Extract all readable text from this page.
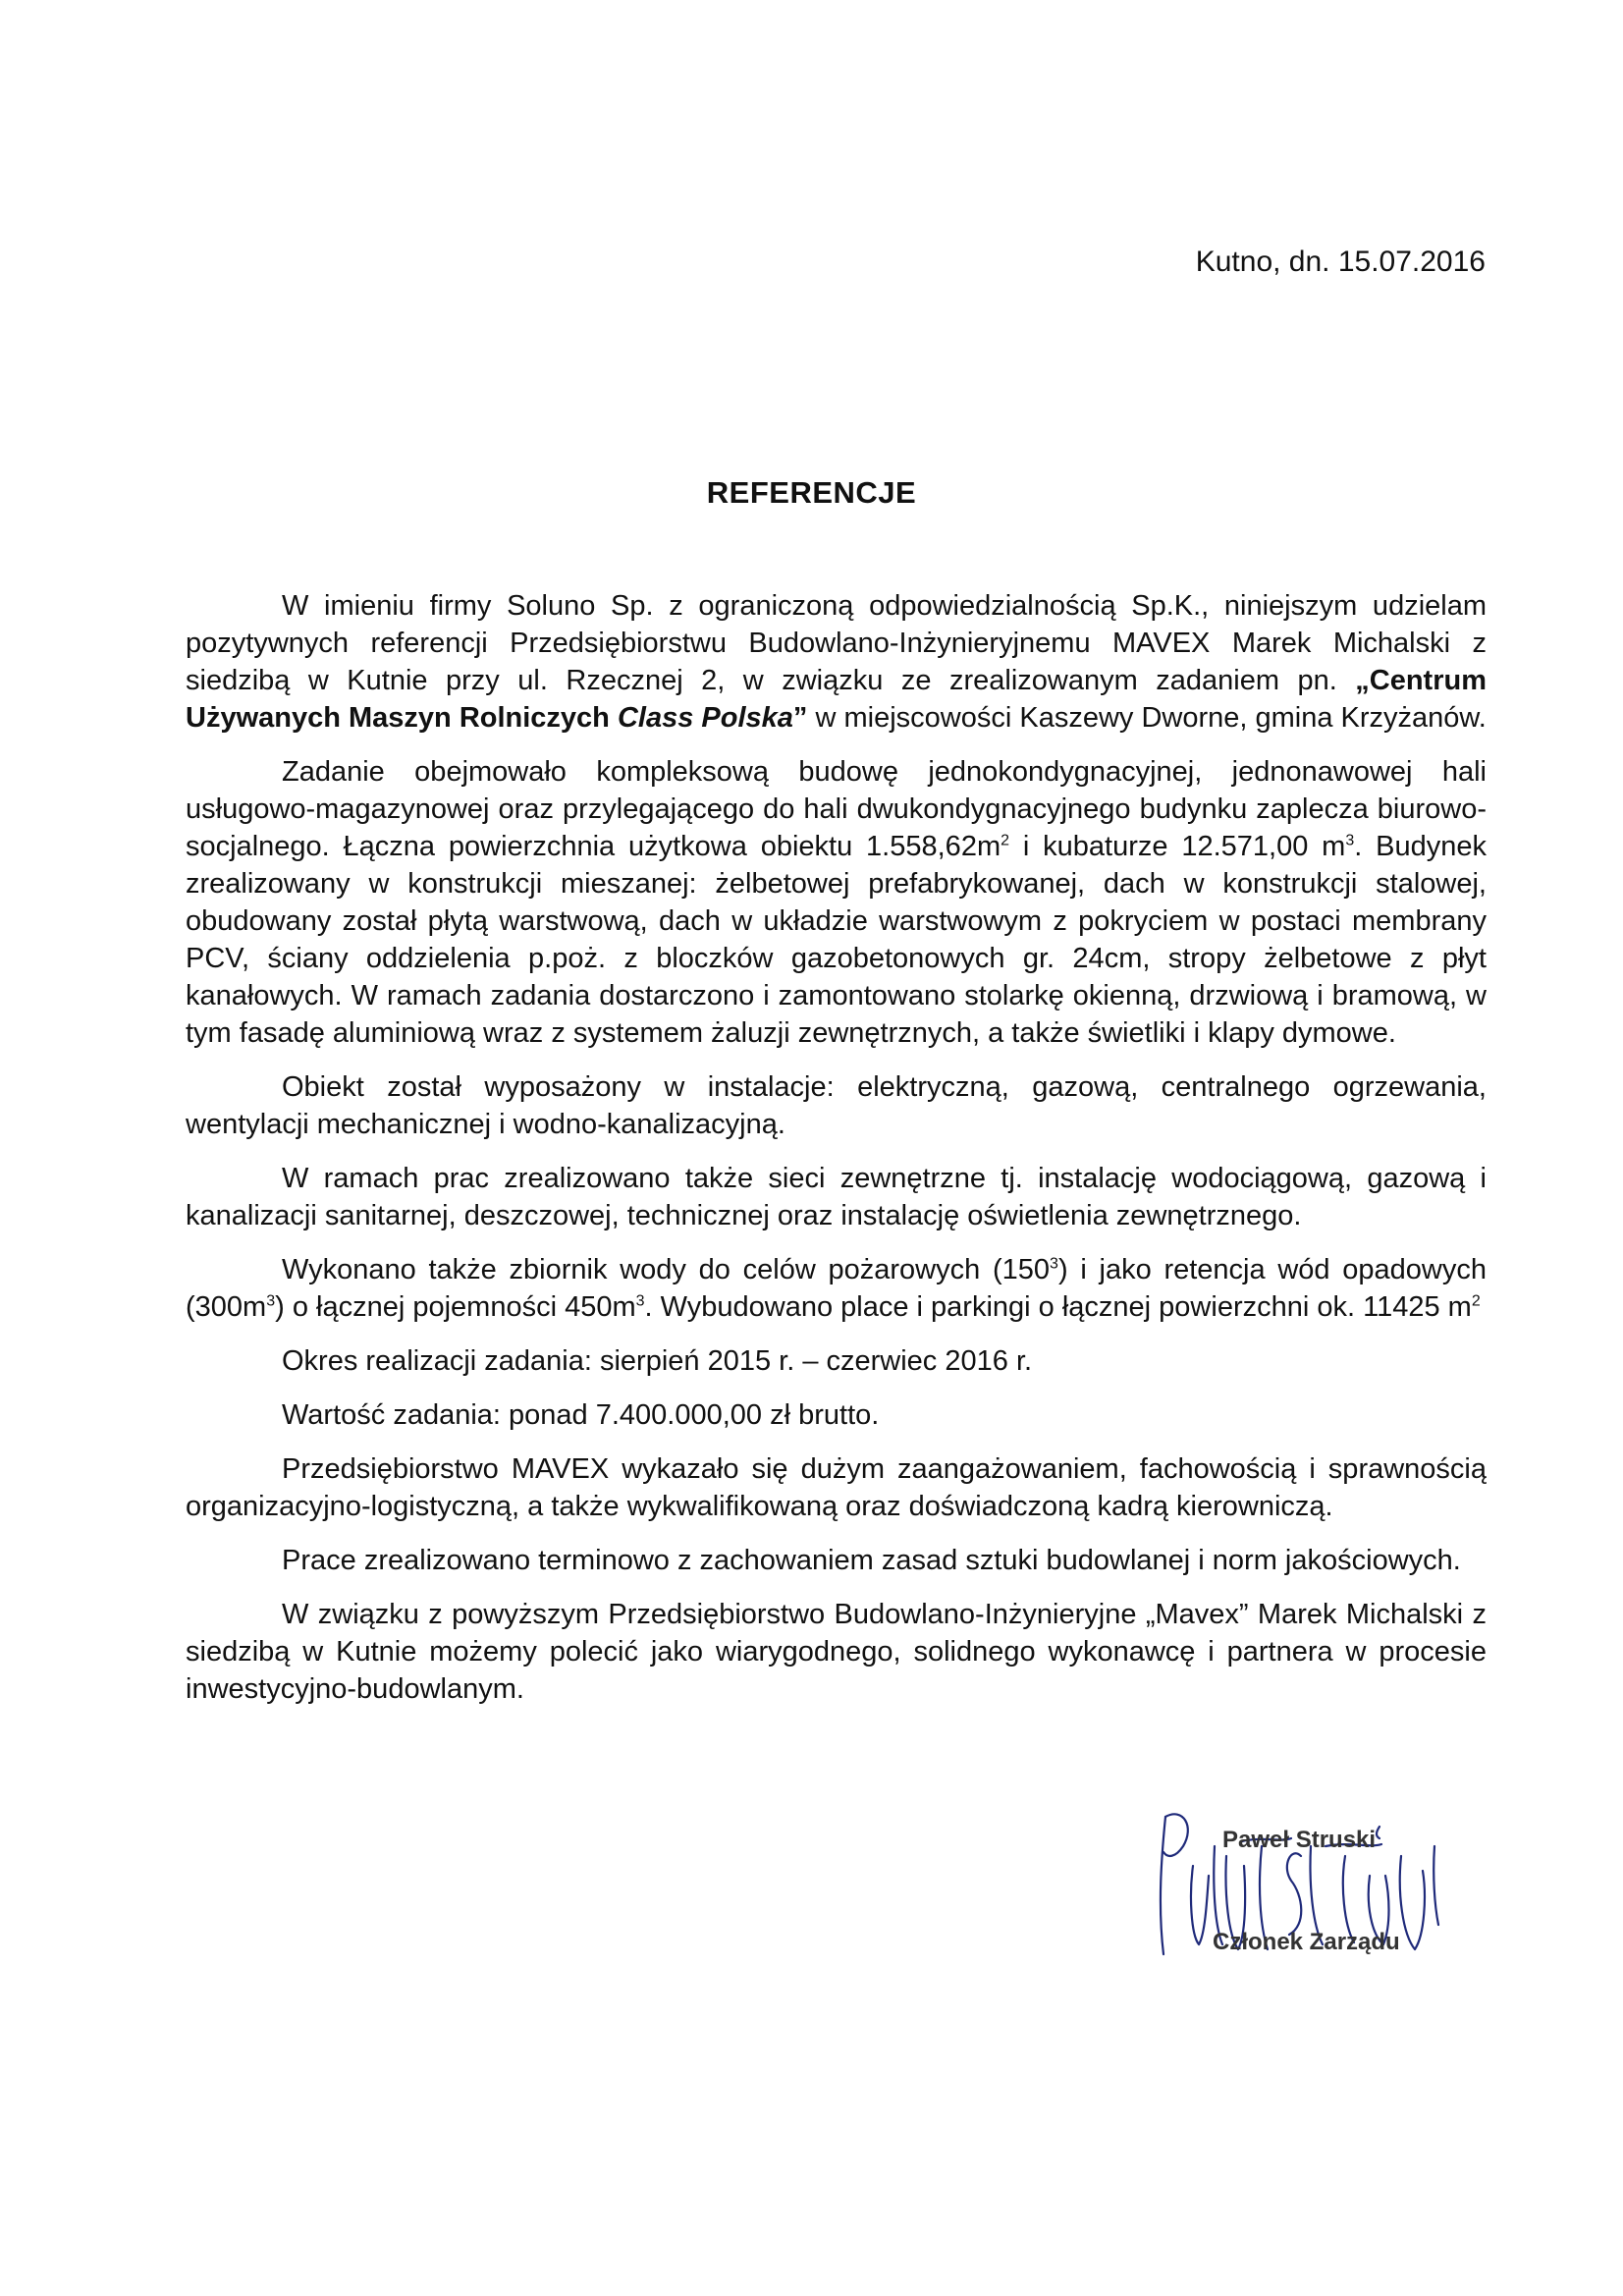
Kutno, dn. 15.07.2016
REFERENCJE

W imieniu firmy Soluno Sp. z ograniczoną odpowiedzialnością Sp.K., niniejszym udzielam pozytywnych referencji Przedsiębiorstwu Budowlano-Inżynieryjnemu MAVEX Marek Michalski z siedzibą w Kutnie przy ul. Rzecznej 2, w związku ze zrealizowanym zadaniem pn. „Centrum Używanych Maszyn Rolniczych Class Polska” w miejscowości Kaszewy Dworne, gmina Krzyżanów.

Zadanie obejmowało kompleksową budowę jednokondygnacyjnej, jednonawowej hali usługowo-magazynowej oraz przylegającego do hali dwukondygnacyjnego budynku zaplecza biurowo-socjalnego. Łączna powierzchnia użytkowa obiektu $1.558,62m^2$ i kubaturze 12.571,00 $m^3$. Budynek zrealizowany w konstrukcji mieszanej: żelbetowej prefabrykowanej, dach w konstrukcji stalowej, obudowany został płytą warstwową, dach w układzie warstwowym z pokryciem w postaci membrany PCV, ściany oddzielenia p.poż. z bloczków gazobetonowych gr. 24cm, stropy żelbetowe z płyt kanałowych. W ramach zadania dostarczono i zamontowano stolarkę okienną, drzwiową i bramową, w tym fasadę aluminiową wraz z systemem żaluzji zewnętrznych, a także świetliki i klapy dymowe.

Obiekt został wyposażony w instalacje: elektryczną, gazową, centralnego ogrzewania, wentylacji mechanicznej i wodno-kanalizacyjną.

W ramach prac zrealizowano także sieci zewnętrzne tj. instalację wodociągową, gazową i kanalizacji sanitarnej, deszczowej, technicznej oraz instalację oświetlenia zewnętrznego.

Wykonano także zbiornik wody do celów pożarowych $(150^3)$ i jako retencja wód opadowych $(300m^3)$ o łącznej pojemności $450m^3$. Wybudowano place i parkingi o łącznej powierzchni ok. 11425 $m^2$

Okres realizacji zadania: sierpień 2015 r. – czerwiec 2016 r.

Wartość zadania: ponad 7.400.000,00 zł brutto.

Przedsiębiorstwo MAVEX wykazało się dużym zaangażowaniem, fachowością i sprawnością organizacyjno-logistyczną, a także wykwalifikowaną oraz doświadczoną kadrą kierowniczą.

Prace zrealizowano terminowo z zachowaniem zasad sztuki budowlanej i norm jakościowych.

W związku z powyższym Przedsiębiorstwo Budowlano-Inżynieryjne „Mavex” Marek Michalski z siedzibą w Kutnie możemy polecić jako wiarygodnego, solidnego wykonawcę i partnera w procesie inwestycyjno-budowlanym.

Paweł Struski
Członek Zarządu
